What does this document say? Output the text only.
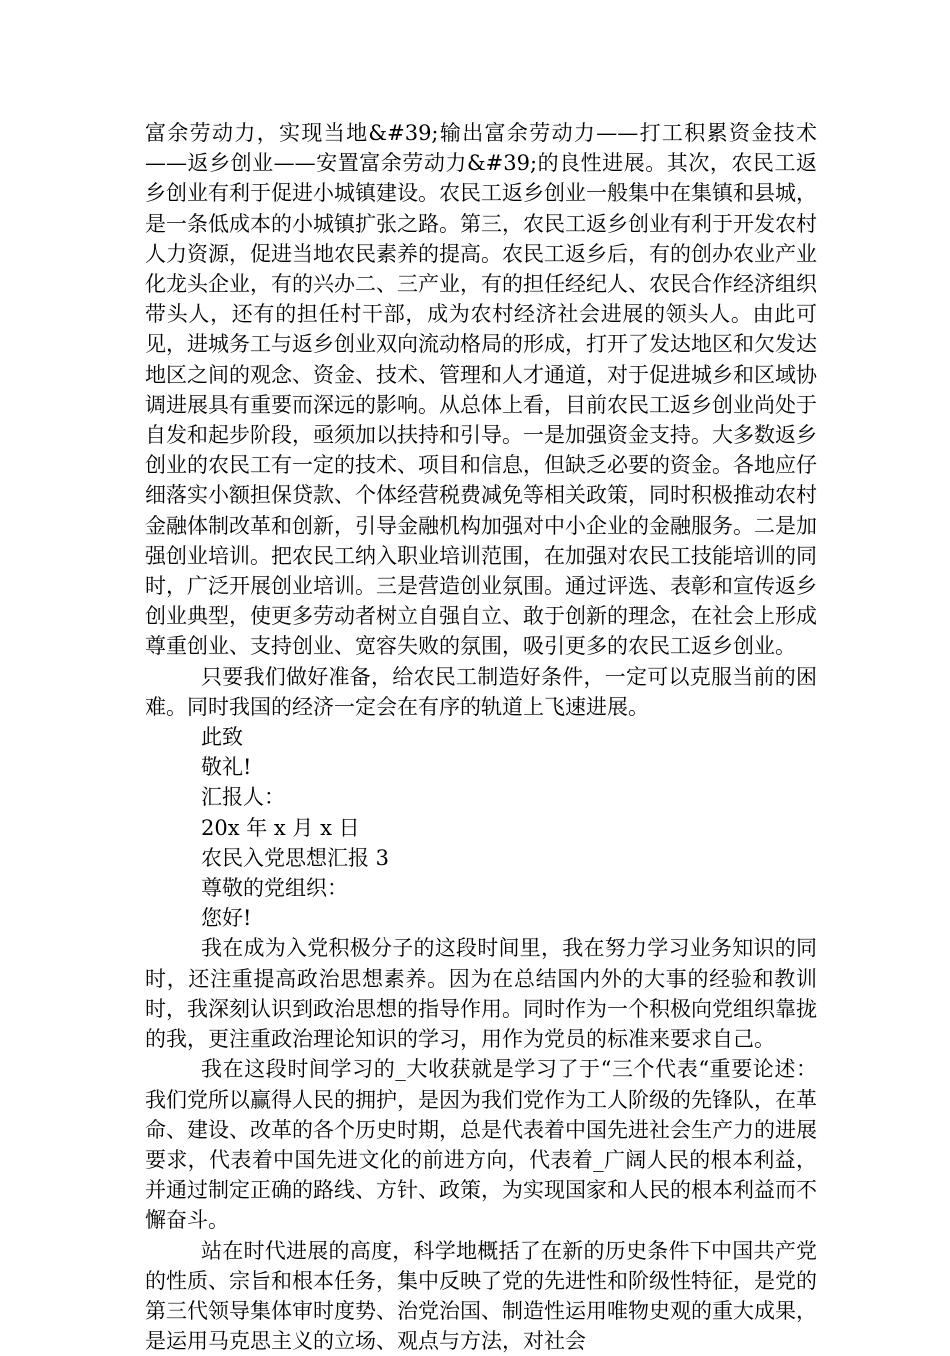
富余劳动力，实现当地&#39;输出富余劳动力——打工积累资金技术——返乡创业——安置富余劳动力&#39;的良性进展。其次，农民工返乡创业有利于促进小城镇建设。农民工返乡创业一般集中在集镇和县城，是一条低成本的小城镇扩张之路。第三，农民工返乡创业有利于开发农村人力资源，促进当地农民素养的提高。农民工返乡后，有的创办农业产业化龙头企业，有的兴办二、三产业，有的担任经纪人、农民合作经济组织带头人，还有的担任村干部，成为农村经济社会进展的领头人。由此可见，进城务工与返乡创业双向流动格局的形成，打开了发达地区和欠发达地区之间的观念、资金、技术、管理和人才通道，对于促进城乡和区域协调进展具有重要而深远的影响。从总体上看，目前农民工返乡创业尚处于自发和起步阶段，亟须加以扶持和引导。一是加强资金支持。大多数返乡创业的农民工有一定的技术、项目和信息，但缺乏必要的资金。各地应仔细落实小额担保贷款、个体经营税费减免等相关政策，同时积极推动农村金融体制改革和创新，引导金融机构加强对中小企业的金融服务。二是加强创业培训。把农民工纳入职业培训范围，在加强对农民工技能培训的同时，广泛开展创业培训。三是营造创业氛围。通过评选、表彰和宣传返乡创业典型，使更多劳动者树立自强自立、敢于创新的理念，在社会上形成尊重创业、支持创业、宽容失败的氛围，吸引更多的农民工返乡创业。

只要我们做好准备，给农民工制造好条件，一定可以克服当前的困难。同时我国的经济一定会在有序的轨道上飞速进展。

此致

敬礼!

汇报人：

20x 年 x 月 x 日

农民入党思想汇报 3

尊敬的党组织：

您好!

我在成为入党积极分子的这段时间里，我在努力学习业务知识的同时，还注重提高政治思想素养。因为在总结国内外的大事的经验和教训时，我深刻认识到政治思想的指导作用。同时作为一个积极向党组织靠拢的我，更注重政治理论知识的学习，用作为党员的标准来要求自己。

我在这段时间学习的_大收获就是学习了于“三个代表“重要论述：我们党所以赢得人民的拥护，是因为我们党作为工人阶级的先锋队，在革命、建设、改革的各个历史时期，总是代表着中国先进社会生产力的进展要求，代表着中国先进文化的前进方向，代表着_广阔人民的根本利益，并通过制定正确的路线、方针、政策，为实现国家和人民的根本利益而不懈奋斗。

站在时代进展的高度，科学地概括了在新的历史条件下中国共产党的性质、宗旨和根本任务，集中反映了党的先进性和阶级性特征，是党的第三代领导集体审时度势、治党治国、制造性运用唯物史观的重大成果，是运用马克思主义的立场、观点与方法，对社会
